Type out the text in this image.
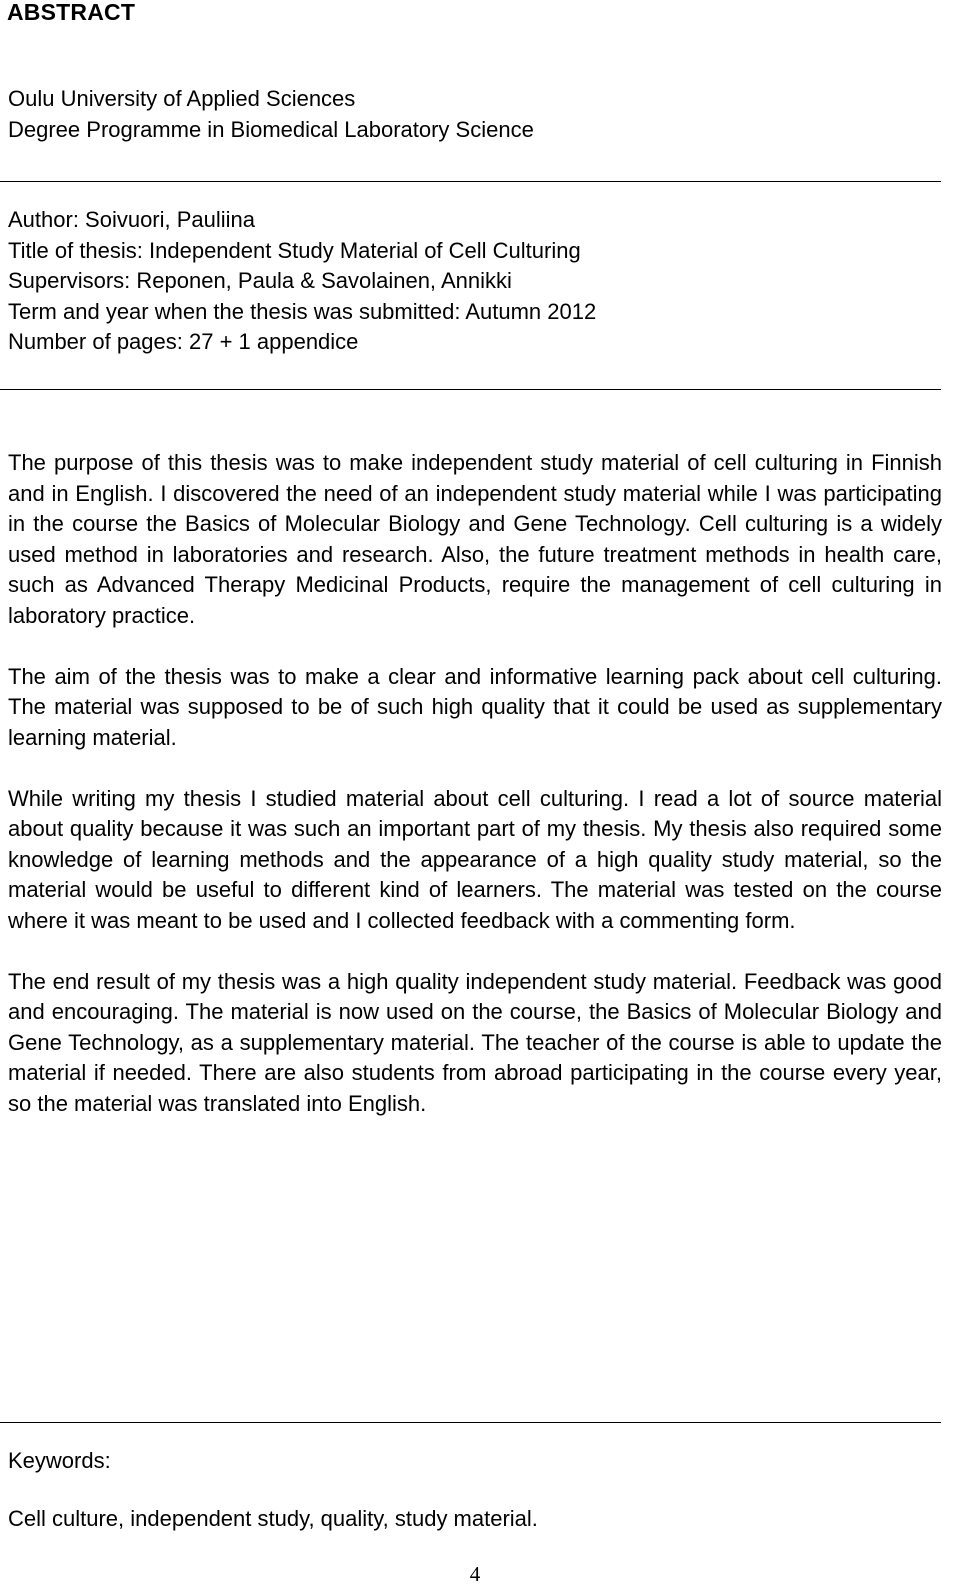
ABSTRACT
Oulu University of Applied Sciences
Degree Programme in Biomedical Laboratory Science
Author: Soivuori, Pauliina
Title of thesis: Independent Study Material of Cell Culturing
Supervisors: Reponen, Paula & Savolainen, Annikki
Term and year when the thesis was submitted: Autumn 2012
Number of pages: 27 + 1 appendice

The purpose of this thesis was to make independent study material of cell culturing in Finnish and in English. I discovered the need of an independent study material while I was participating in the course the Basics of Molecular Biology and Gene Technology. Cell culturing is a widely used method in laboratories and research. Also, the future treatment methods in health care, such as Advanced Therapy Medicinal Products, require the management of cell culturing in laboratory practice.

The aim of the thesis was to make a clear and informative learning pack about cell culturing. The material was supposed to be of such high quality that it could be used as supplementary learning material.

While writing my thesis I studied material about cell culturing. I read a lot of source material about quality because it was such an important part of my thesis. My thesis also required some knowledge of learning methods and the appearance of a high quality study material, so the material would be useful to different kind of learners. The material was tested on the course where it was meant to be used and I collected feedback with a commenting form.

The end result of my thesis was a high quality independent study material. Feedback was good and encouraging. The material is now used on the course, the Basics of Molecular Biology and Gene Technology, as a supplementary material. The teacher of the course is able to update the material if needed. There are also students from abroad participating in the course every year, so the material was translated into English.

Keywords:
Cell culture, independent study, quality, study material.
4
